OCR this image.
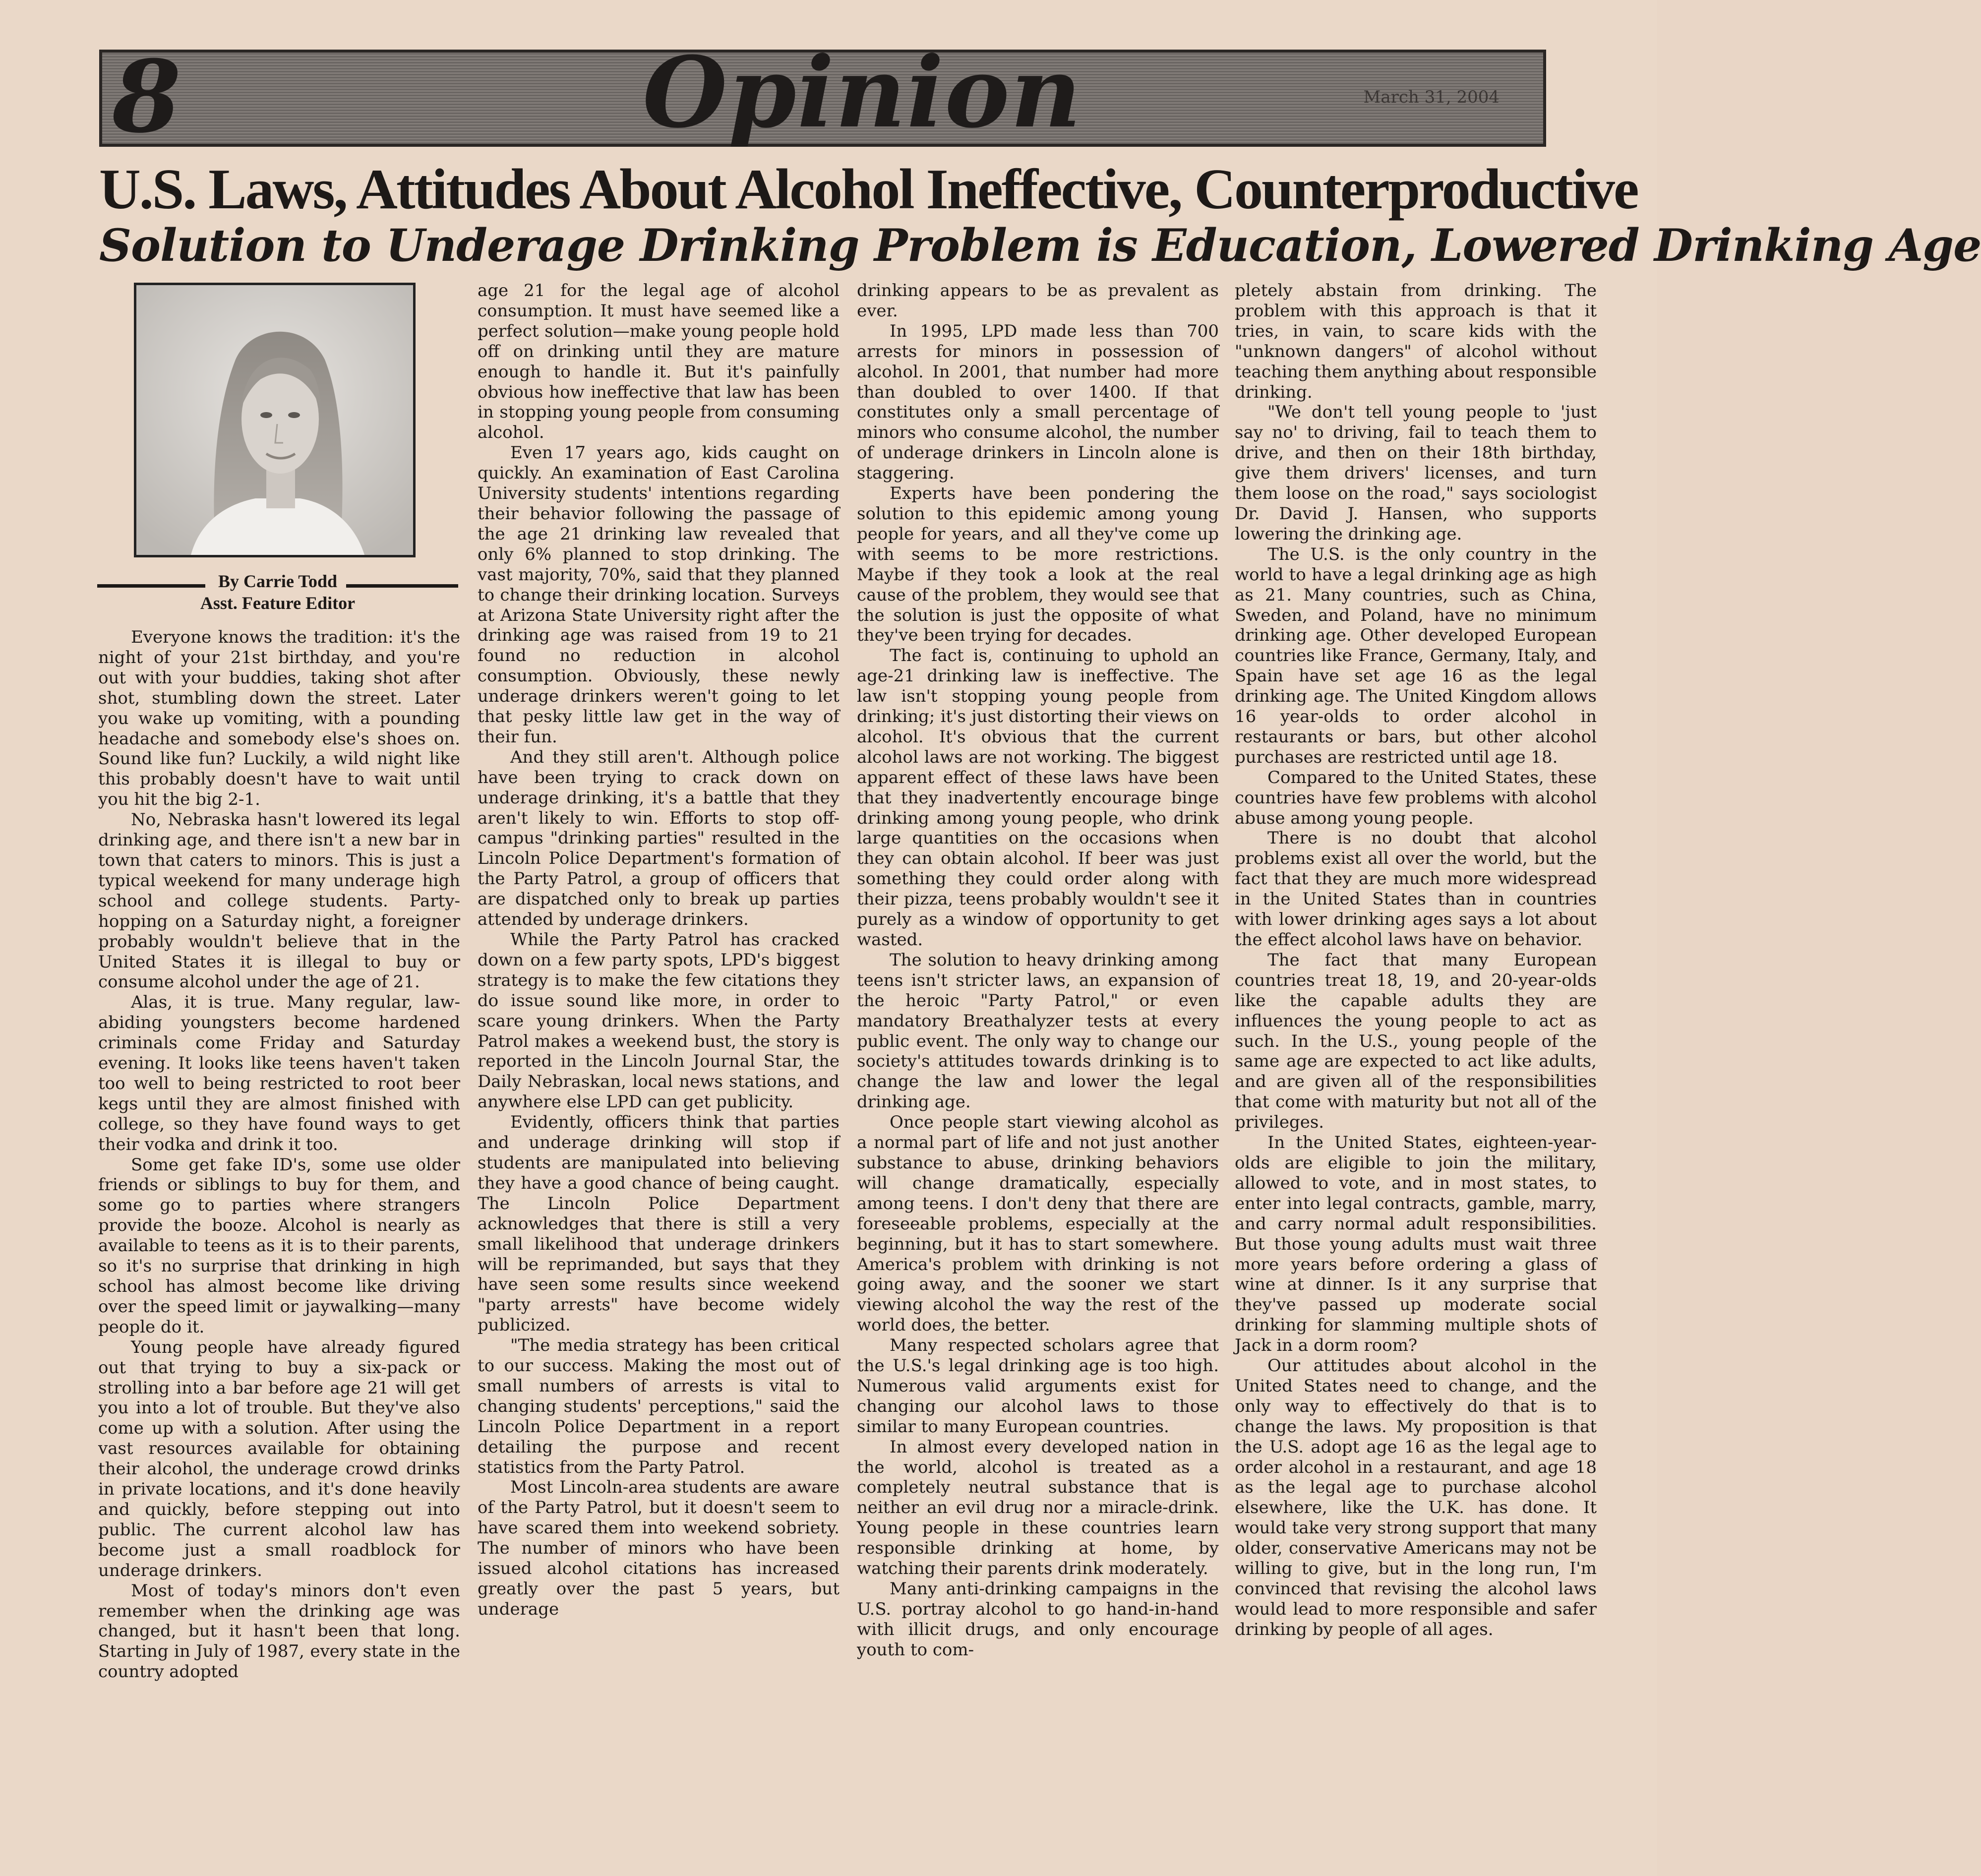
8	Opinion	March 31, 2004
U.S. Laws, Attitudes About Alcohol Ineffective, Counterproductive
Solution to Underage Drinking Problem is Education, Lowered Drinking Age
By Carrie Todd
Asst. Feature Editor

Everyone knows the tradition: it's the night of your 21st birthday, and you're out with your buddies, taking shot after shot, stumbling down the street. Later you wake up vomiting, with a pounding headache and somebody else's shoes on. Sound like fun? Luckily, a wild night like this probably doesn't have to wait until you hit the big 2-1.

No, Nebraska hasn't lowered its legal drinking age, and there isn't a new bar in town that caters to minors. This is just a typical weekend for many underage high school and college students. Party-hopping on a Saturday night, a foreigner probably wouldn't believe that in the United States it is illegal to buy or consume alcohol under the age of 21.

Alas, it is true. Many regular, law-abiding youngsters become hardened criminals come Friday and Saturday evening. It looks like teens haven't taken too well to being restricted to root beer kegs until they are almost finished with college, so they have found ways to get their vodka and drink it too.

Some get fake ID's, some use older friends or siblings to buy for them, and some go to parties where strangers provide the booze. Alcohol is nearly as available to teens as it is to their parents, so it's no surprise that drinking in high school has almost become like driving over the speed limit or jaywalking—many people do it.

Young people have already figured out that trying to buy a six-pack or strolling into a bar before age 21 will get you into a lot of trouble. But they've also come up with a solution. After using the vast resources available for obtaining their alcohol, the underage crowd drinks in private locations, and it's done heavily and quickly, before stepping out into public. The current alcohol law has become just a small roadblock for underage drinkers.

Most of today's minors don't even remember when the drinking age was changed, but it hasn't been that long. Starting in July of 1987, every state in the country adopted

age 21 for the legal age of alcohol consumption. It must have seemed like a perfect solution—make young people hold off on drinking until they are mature enough to handle it. But it's painfully obvious how ineffective that law has been in stopping young people from consuming alcohol.

Even 17 years ago, kids caught on quickly. An examination of East Carolina University students' intentions regarding their behavior following the passage of the age 21 drinking law revealed that only 6% planned to stop drinking. The vast majority, 70%, said that they planned to change their drinking location. Surveys at Arizona State University right after the drinking age was raised from 19 to 21 found no reduction in alcohol consumption. Obviously, these newly underage drinkers weren't going to let that pesky little law get in the way of their fun.

And they still aren't. Although police have been trying to crack down on underage drinking, it's a battle that they aren't likely to win. Efforts to stop off-campus "drinking parties" resulted in the Lincoln Police Department's formation of the Party Patrol, a group of officers that are dispatched only to break up parties attended by underage drinkers.

While the Party Patrol has cracked down on a few party spots, LPD's biggest strategy is to make the few citations they do issue sound like more, in order to scare young drinkers. When the Party Patrol makes a weekend bust, the story is reported in the Lincoln Journal Star, the Daily Nebraskan, local news stations, and anywhere else LPD can get publicity.

Evidently, officers think that parties and underage drinking will stop if students are manipulated into believing they have a good chance of being caught. The Lincoln Police Department acknowledges that there is still a very small likelihood that underage drinkers will be reprimanded, but says that they have seen some results since weekend "party arrests" have become widely publicized.

"The media strategy has been critical to our success. Making the most out of small numbers of arrests is vital to changing students' perceptions," said the Lincoln Police Department in a report detailing the purpose and recent statistics from the Party Patrol.

Most Lincoln-area students are aware of the Party Patrol, but it doesn't seem to have scared them into weekend sobriety. The number of minors who have been issued alcohol citations has increased greatly over the past 5 years, but underage

drinking appears to be as prevalent as ever.

In 1995, LPD made less than 700 arrests for minors in possession of alcohol. In 2001, that number had more than doubled to over 1400. If that constitutes only a small percentage of minors who consume alcohol, the number of underage drinkers in Lincoln alone is staggering.

Experts have been pondering the solution to this epidemic among young people for years, and all they've come up with seems to be more restrictions. Maybe if they took a look at the real cause of the problem, they would see that the solution is just the opposite of what they've been trying for decades.

The fact is, continuing to uphold an age-21 drinking law is ineffective. The law isn't stopping young people from drinking; it's just distorting their views on alcohol. It's obvious that the current alcohol laws are not working. The biggest apparent effect of these laws have been that they inadvertently encourage binge drinking among young people, who drink large quantities on the occasions when they can obtain alcohol. If beer was just something they could order along with their pizza, teens probably wouldn't see it purely as a window of opportunity to get wasted.

The solution to heavy drinking among teens isn't stricter laws, an expansion of the heroic "Party Patrol," or even mandatory Breathalyzer tests at every public event. The only way to change our society's attitudes towards drinking is to change the law and lower the legal drinking age.

Once people start viewing alcohol as a normal part of life and not just another substance to abuse, drinking behaviors will change dramatically, especially among teens. I don't deny that there are foreseeable problems, especially at the beginning, but it has to start somewhere. America's problem with drinking is not going away, and the sooner we start viewing alcohol the way the rest of the world does, the better.

Many respected scholars agree that the U.S.'s legal drinking age is too high. Numerous valid arguments exist for changing our alcohol laws to those similar to many European countries.

In almost every developed nation in the world, alcohol is treated as a completely neutral substance that is neither an evil drug nor a miracle-drink. Young people in these countries learn responsible drinking at home, by watching their parents drink moderately.

Many anti-drinking campaigns in the U.S. portray alcohol to go hand-in-hand with illicit drugs, and only encourage youth to com-

pletely abstain from drinking. The problem with this approach is that it tries, in vain, to scare kids with the "unknown dangers" of alcohol without teaching them anything about responsible drinking.

"We don't tell young people to 'just say no' to driving, fail to teach them to drive, and then on their 18th birthday, give them drivers' licenses, and turn them loose on the road," says sociologist Dr. David J. Hansen, who supports lowering the drinking age.

The U.S. is the only country in the world to have a legal drinking age as high as 21. Many countries, such as China, Sweden, and Poland, have no minimum drinking age. Other developed European countries like France, Germany, Italy, and Spain have set age 16 as the legal drinking age. The United Kingdom allows 16 year-olds to order alcohol in restaurants or bars, but other alcohol purchases are restricted until age 18.

Compared to the United States, these countries have few problems with alcohol abuse among young people.

There is no doubt that alcohol problems exist all over the world, but the fact that they are much more widespread in the United States than in countries with lower drinking ages says a lot about the effect alcohol laws have on behavior.

The fact that many European countries treat 18, 19, and 20-year-olds like the capable adults they are influences the young people to act as such. In the U.S., young people of the same age are expected to act like adults, and are given all of the responsibilities that come with maturity but not all of the privileges.

In the United States, eighteen-year-olds are eligible to join the military, allowed to vote, and in most states, to enter into legal contracts, gamble, marry, and carry normal adult responsibilities. But those young adults must wait three more years before ordering a glass of wine at dinner. Is it any surprise that they've passed up moderate social drinking for slamming multiple shots of Jack in a dorm room?

Our attitudes about alcohol in the United States need to change, and the only way to effectively do that is to change the laws. My proposition is that the U.S. adopt age 16 as the legal age to order alcohol in a restaurant, and age 18 as the legal age to purchase alcohol elsewhere, like the U.K. has done. It would take very strong support that many older, conservative Americans may not be willing to give, but in the long run, I'm convinced that revising the alcohol laws would lead to more responsible and safer drinking by people of all ages.
